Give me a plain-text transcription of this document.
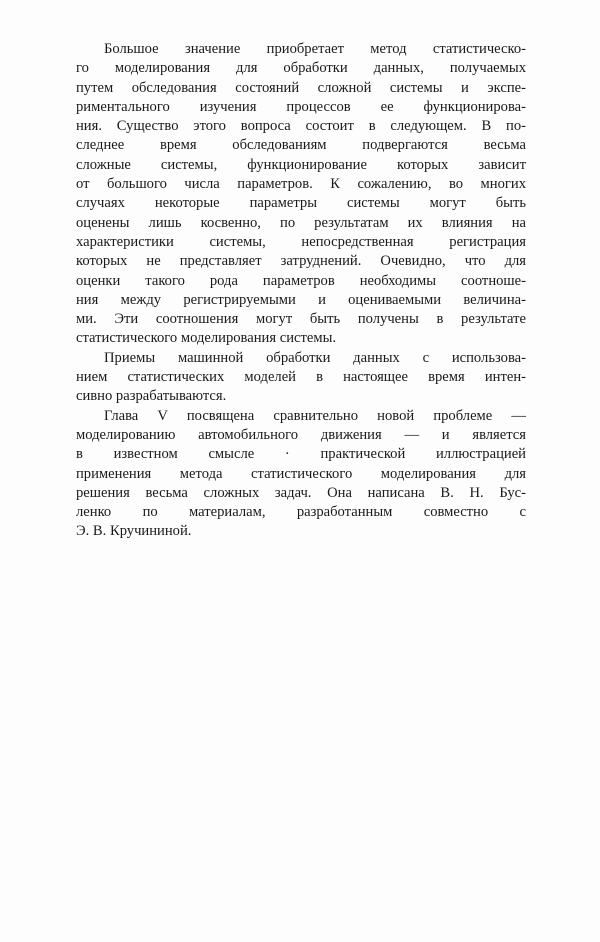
Большое значение приобретает метод статистическо-
го моделирования для обработки данных, получаемых
путем обследования состояний сложной системы и экспе-
риментального изучения процессов ее функционирова-
ния. Существо этого вопроса состоит в следующем. В по-
следнее время обследованиям подвергаются весьма
сложные системы, функционирование которых зависит
от большого числа параметров. К сожалению, во многих
случаях некоторые параметры системы могут быть
оценены лишь косвенно, по результатам их влияния на
характеристики системы, непосредственная регистрация
которых не представляет затруднений. Очевидно, что для
оценки такого рода параметров необходимы соотноше-
ния между регистрируемыми и оцениваемыми величина-
ми. Эти соотношения могут быть получены в результате
статистического моделирования системы.
Приемы машинной обработки данных с использова-
нием статистических моделей в настоящее время интен-
сивно разрабатываются.
Глава V посвящена сравнительно новой проблеме —
моделированию автомобильного движения — и является
в известном смысле · практической иллюстрацией
применения метода статистического моделирования для
решения весьма сложных задач. Она написана В. Н. Бус-
ленко по материалам, разработанным совместно с
Э. В. Кручининой.
